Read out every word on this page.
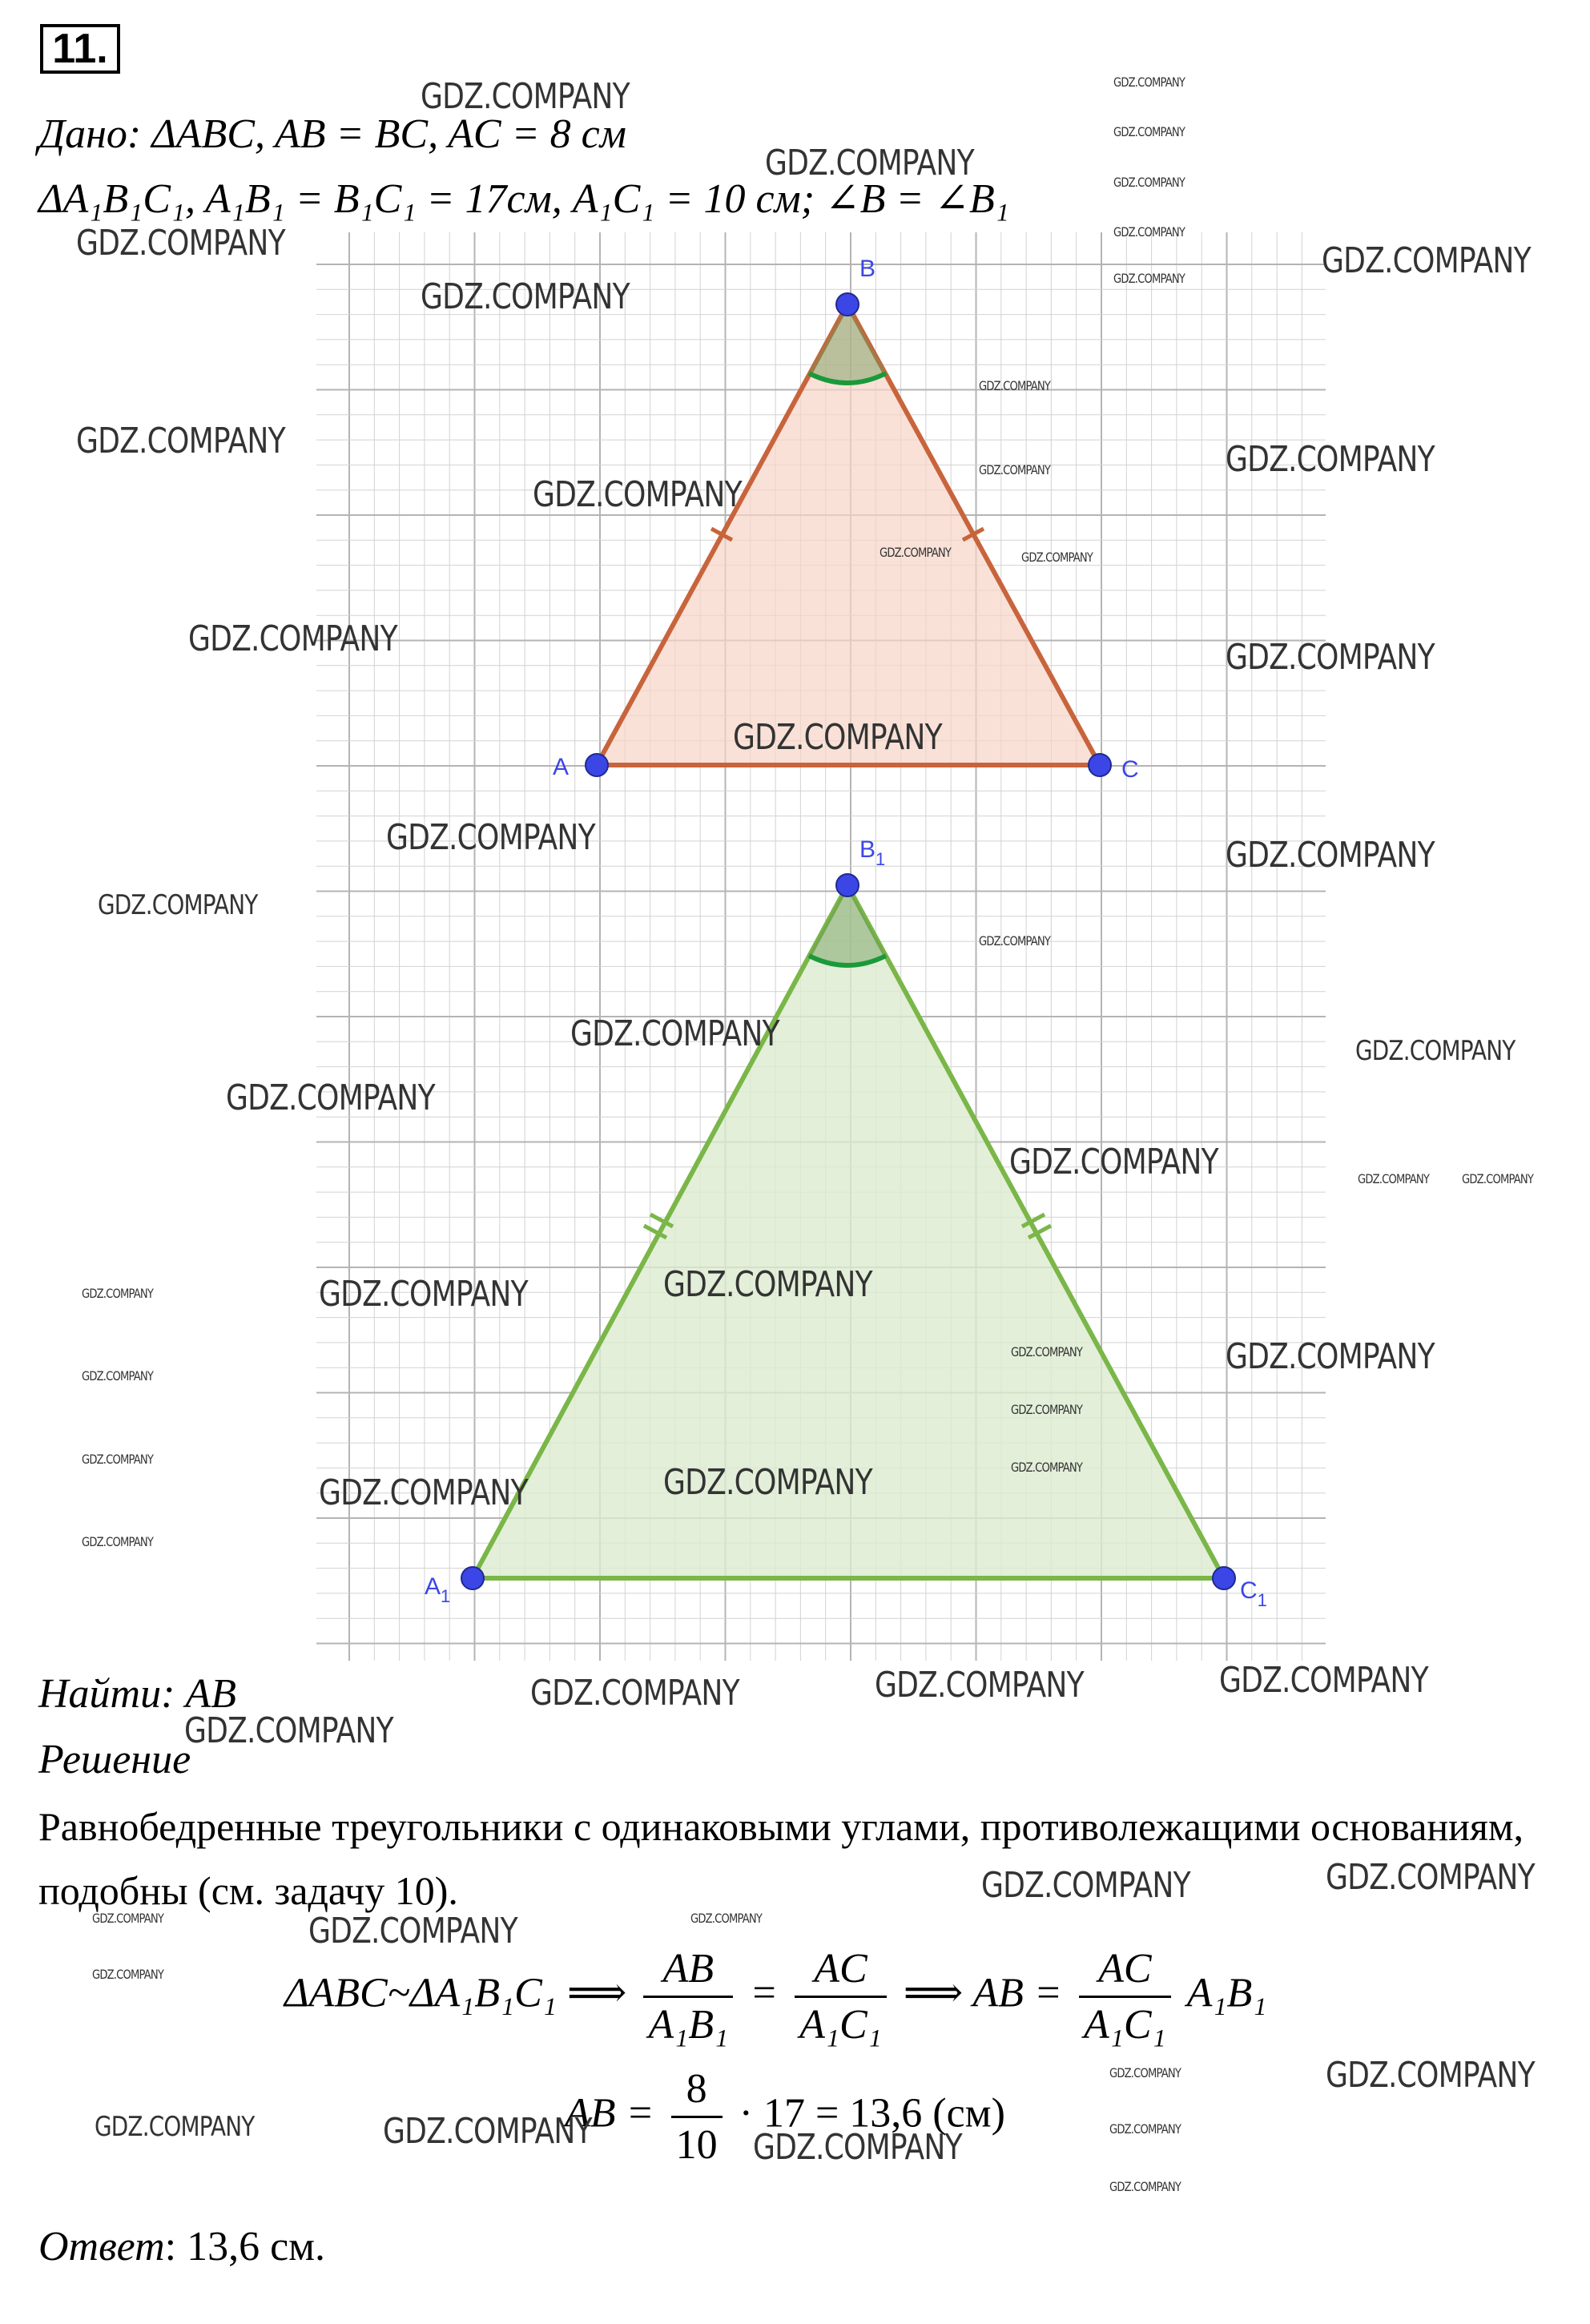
11.
Дано: ΔABC, AB = BC, AC = 8 см
ΔA₁B₁C₁, A₁B₁ = B₁C₁ = 17см, A₁C₁ = 10 см; ∠B = ∠B₁
A
B
C
$A_1$
$B_1$
$C_1$
Найти: AB
Решение
Равнобедренные треугольники с одинаковыми углами, противолежащими основаниям, подобны (см. задачу 10).
ΔABC~ΔA₁B₁C₁ ⟹ $\frac{AB}{\text{A₁B₁}} = \frac{AC}{\text{A₁C₁}}$ ⟹ AB = $\frac{AC}{\text{A₁C₁}} A_1B_1$
AB = $\frac{8}{10} \cdot 17 = 13,6$ (см)
Ответ: 13,6 см.
GDZ.COMPANY
GDZ.COMPANY
GDZ.COMPANY
GDZ.COMPANY
GDZ.COMPANY
GDZ.COMPANY	GDZ.COMPANY
GDZ.COMPANY
GDZ.COMPANY	GDZ.COMPANY
GDZ.COMPANY
GDZ.COMPANY	GDZ.COMPANY
GDZ.COMPANY
GDZ.COMPANY
GDZ.COMPANY
GDZ.COMPANY
GDZ.COMPANY	GDZ.COMPANY
GDZ.COMPANY
GDZ.COMPANY	GDZ.COMPANY
GDZ.COMPANY	GDZ.COMPANY	GDZ.COMPANY
GDZ.COMPANY
GDZ.COMPANY	GDZ.COMPANY
GDZ.COMPANY
GDZ.COMPANY
GDZ.COMPANY	GDZ.COMPANY
GDZ.COMPANY
GDZ.COMPANY
GDZ.COMPANY
GDZ.COMPANY
GDZ.COMPANY
GDZ.COMPANY
GDZ.COMPANY
GDZ.COMPANY
GDZ.COMPANY
GDZ.COMPANY	GDZ.COMPANY
GDZ.COMPANY
GDZ.COMPANY	GDZ.COMPANY
GDZ.COMPANY
GDZ.COMPANY
GDZ.COMPANY
GDZ.COMPANY
GDZ.COMPANY
GDZ.COMPANY
GDZ.COMPANY
GDZ.COMPANY
GDZ.COMPANY
GDZ.COMPANY
GDZ.COMPANY
GDZ.COMPANY
GDZ.COMPANY
